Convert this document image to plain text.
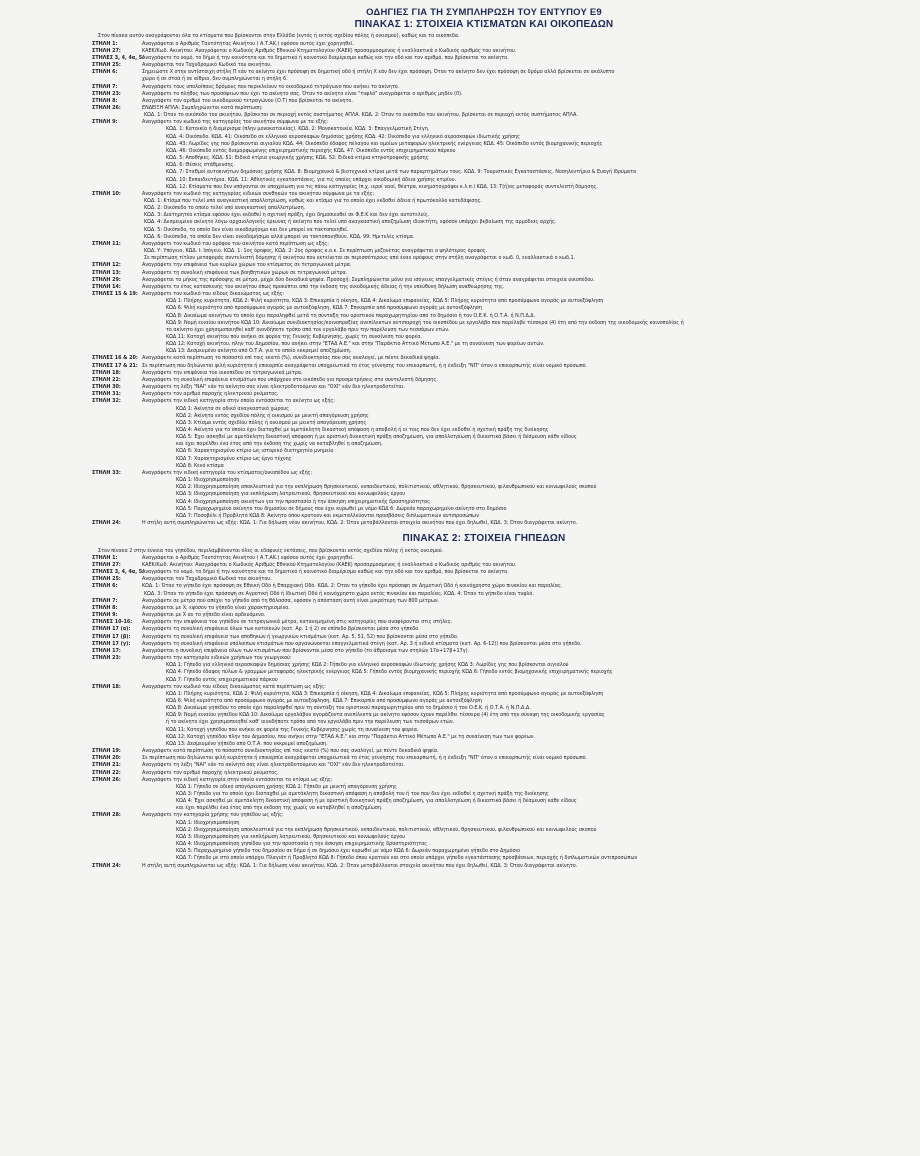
ΟΔΗΓΙΕΣ ΓΙΑ ΤΗ ΣΥΜΠΛΗΡΩΣΗ ΤΟΥ ΕΝΤΥΠΟΥ Ε9
ΠΙΝΑΚΑΣ 1: ΣΤΟΙΧΕΙΑ ΚΤΙΣΜΑΤΩΝ ΚΑΙ ΟΙΚΟΠΕΔΩΝ
Στον πίνακα αυτόν αναγράφονται όλα τα κτίσματα που βρίσκονται στην Ελλάδα (εντός ή εκτός σχεδίου πόλης ή οικισμού), καθώς και τα οικόπεδα.
ΣΤΗΛΗ 1:	Αναγράφεται ο Αριθμός Ταυτότητας Ακινήτου ( Α.Τ.ΑΚ.) εφόσον αυτός έχει χορηγηθεί.
ΣΤΗΛΗ 27:	ΚΑΕΚ/Κωδ. Ακινήτου: Αναγράφεται ο Κωδικός Αριθμός Εθνικού Κτηματολογίου (ΚΑΕΚ) προσαρμοσμένος ή εναλλακτικά ο Κωδικός αριθμός του ακινήτου.
ΣΤΗΛΕΣ 3, 4, 4α, 5:Αναγράφετε το νομό, το δήμο ή την κοινότητα και το δημοτικό ή κοινοτικό διαμέρισμα καθώς και την οδό και τον αριθμό, που βρίσκεται το ακίνητο.
ΣΤΗΛΗ 25:	Αναγράφεται τον Ταχυδρομικό Κωδικό του ακινήτου.
ΣΤΗΛΗ 6:	Σημειώστε Χ στην αντίστοιχη στήλη Π εάν το ακίνητο έχει πρόσοψη σε δημοτική οδό ή στήλη Χ εάν δεν έχει πρόσοψη. Όταν το ακίνητο δεν έχει πρόσοψη σε δρόμο αλλά βρίσκεται σε ακάλυπτο
χώρο ή σε στοά ή σε αίθριο, δεν συμπληρώνεται η στήλη 6.
ΣΤΗΛΗ 7:	Αναγράφετε τους υπολοίπους δρόμους που περικλείουν το οικοδομικό τετράγωνο που ανήκει το ακίνητο.
ΣΤΗΛΗ 23:	Αναγράφετε το πλήθος των προσόψεων που έχει το ακίνητο σας. Όταν το ακίνητο είναι "τυφλό" αναγράφεται ο αριθμός μηδέν (0).
ΣΤΗΛΗ 8:	Αναγράφετε τον αριθμό του οικοδομικού τετραγώνου (Ο.Τ) που βρίσκεται το ακίνητο.
ΣΤΗΛΗ 26:	ΕΝΔΕΙΞΗ ΑΠΛΑ: Συμπληρώνεται κατά περίπτωση:
ΚΩΔ. 1: Όταν το οικόπεδο του ακινήτου, βρίσκεται σε περιοχή εκτός συστήματος ΑΠΛΑ. ΚΩΔ. 2: Όταν το οικόπεδο του ακινήτου, βρίσκεται σε περιοχή εκτός συστήματος ΑΠΛΑ.
ΣΤΗΛΗ 9:	Αναγράφετε τον κωδικό της κατηγορίας του ακινήτου σύμφωνα με τα εξής:
ΚΩΔ. 1: Κατοικία ή διαμέρισμα (πλην μονοκατοικίας). ΚΩΔ. 2: Μονοκατοικία. ΚΩΔ. 3: Επαγγελματική Στέγη.
ΚΩΔ. 4: Οικόπεδο. ΚΩΔ. 41: Οικόπεδο σε ελληνικό αεροσκαφών δημόσιας χρήσης ΚΩΔ. 42: Οικόπεδο για ελληνικό αεροσκαφών ιδιωτικής χρήσης
ΚΩΔ. 43: Λωρίδες γης που βρίσκονται αιγιαλού ΚΩΔ. 44: Οικόπεδο έδαφος πέλαγου και ομοίων μεταφορών ηλεκτρικής ενέργειας ΚΩΔ. 45: Οικόπεδο εντός βιομηχανικής περιοχής
ΚΩΔ. 46: Οικόπεδο εντός διαμορφωμένης επιχειρηματικής περιοχής ΚΩΔ. 47: Οικόπεδο εντός επιχειρηματικού πάρκου
ΚΩΔ. 5: Αποθήκες. ΚΩΔ. 51: Ειδικά κτίρια γεωργικής χρήσης ΚΩΔ. 52: Ειδικά κτίρια κτηνοτροφικής χρήσης
ΚΩΔ. 6: Θέσεις στάθμευσης.
ΚΩΔ. 7: Σταθμοί αυτοκινήτων δημόσιας χρήσης ΚΩΔ. 8: Βιομηχανικά & βιοτεχνικά κτίρια μετά των παραρτημάτων τους. ΚΩΔ. 9: Τουριστικές Εγκαταστάσεις, Νοσηλευτήρια & Ευαγή Ιδρύματα
ΚΩΔ. 10: Εκπαιδευτήρια. ΚΩΔ. 11: Αθλητικές εγκαταστάσεις, για τις οποίες υπάρχει οικοδομική άδεια χρήσης κτιρίου.
ΚΩΔ. 12: Κτίσματα που δεν υπάγονται σε υποχρέωση για τις πάνω κατηγορίες (π.χ. ιεροί ναοί, θέατρα, κινηματογράφοι κ.λ.π.) ΚΩΔ. 13: Τ(ή)ος μεταφοράς συντελεστή δόμησης.
ΣΤΗΛΗ 10:	Αναγράφετε τον κωδικό της κατηγορίας ειδικών συνθηκών του ακινήτου σύμφωνα με τα εξής:
ΚΩΔ. 1: Κτίσμα που τελεί υπό αναγκαστική απαλλοτρίωση, καθώς και κτίσμα για το οποίο έχει εκδοθεί άδεια ή πρωτόκολλο κατεδάφισης.
ΚΩΔ. 2: Οικόπεδο το οποίο τελεί υπό αναγκαστική απαλλοτρίωση.
ΚΩΔ. 3: Διατηρητέο κτίσμα εφόσον έχει εκδοθεί η σχετική πράξη, έχει δημοσιευθεί σε Φ.Ε.Κ και δεν έχει αυτοτελείς.
ΚΩΔ. 4: Δεσμευμένο ακίνητο λόγω αρχαιολογικής έρευνας ή ακίνητο που τελεί υπό αναγκαστική αποζημίωση ιδιοκτήτη, εφόσον υπάρχει βεβαίωση της αρμόδιας αρχής.
ΚΩΔ. 5: Οικόπεδο, το οποίο δεν είναι οικοδομήσιμο και δεν μπορεί να τακτοποιηθεί.
ΚΩΔ. 6: Οικόπεδα, τα οποία δεν είναι οικοδομήσιμα αλλά μπορεί να τακτοποιηθούν. ΚΩΔ. 99: Ημιτελές κτίσμα.
ΣΤΗΛΗ 11:	Αναγράφετε τον κωδικό του ορόφου του ακινήτου κατά περίπτωση ως εξής:
ΚΩΔ. Υ: Υπόγειο, ΚΩΔ. Ι: Ισόγειο. ΚΩΔ. 1: 1ος όροφος, ΚΩΔ. 2: 2ος όροφος κ.ο.κ. Σε περίπτωση μεζονέτας αναγράφεται ο ψηλότερος όροφος.
Σε περίπτωση τίτλου μεταφοράς συντελεστή δόμησης ή ακινήτου που εκτείνεται σε περισσότερους από έναν ορόφους στην στήλη αναγράφεται ο κωδ. 0, εναλλακτικά ο κωδ.1.
ΣΤΗΛΗ 12:	Αναγράφετε την επιφάνεια των κυρίων χώρων του κτίσματος σε τετραγωνικά μέτρα.
ΣΤΗΛΗ 13:	Αναγράφετε τη συνολική επιφάνεια των βοηθητικών χώρων σε τετραγωνικά μέτρα.
ΣΤΗΛΗ 29:	Αναγράφεται το μήκος της πρόσοψης σε μέτρα, μέχρι δύο δεκαδικά ψηφία. Προσοχή: Συμπληρώνεται μόνο για ισόγειες επαγγελματικές στέγες ή όταν αναγράφεται στοιχεία οικοπέδου.
ΣΤΗΛΗ 14:	Αναγράφετε το έτος κατασκευής του ακινήτου όπως προκύπτει από την έκδοση της οικοδομικής άδειας ή την υπεύθυνη δήλωση αναθεώρησης της.
ΣΤΗΛΕΣ 15 & 19: Αναγράφετε τον κωδικό του είδους δικαιώματος ως εξής:
ΚΩΔ 1: Πλήρης κυριότητα, ΚΩΔ 2: Ψιλή κυριότητα, ΚΩΔ 3: Επικαρπία ή οίκηση, ΚΩΔ 4: Δικαίωμα επιφανείας, ΚΩΔ 5: Πλήρης κυριότητα από προσύμφωνο αγοράς με αυτοεξόφληση
ΚΩΔ 6: Ψιλή κυριότητα από προσύμφωνο αγοράς με αυτοεξόφληση, ΚΩΔ 7: Επικαρπία από προσύμφωνο αγοράς με αυτοεξόφληση
ΚΩΔ 8: Δικαίωμα ακινήτων το οποίο έχει παραληφθεί μετά τη σύνταξη του οριστικού παραχωρητηρίου από το δημόσιο ή τον Ο.Ε.Κ. ή Ο.Τ.Α. ή Ν.Π.Δ.Δ.
ΚΩΔ 9: Νομή ενιαίου ακινήτου ΚΩΔ 10: Δικαίωμα συνιδιοκτησίας/κοινοπραξίας ανεπίλεκτων αντιπαροχή του οικοπέδου με εργολάβο που παρέλαβε τέσσερα (4) έτη από την έκδοση της οικοδομικής κοινοπολίας ή
το ακίνητο έχει χρησιμοποιηθεί καθ' οιονδήποτε τρόπο από τον εργολάβο πριν την παρέλευση των τεσσάρων ετών.
ΚΩΔ 11: Κατοχή ακινήτου που ανήκει σε φορέα της Γενικής Κυβέρνησης, χωρίς τη συναίνεση του φορέα.
ΚΩΔ 12: Κατοχή ακινήτου, πλην του Δημοσίου, που ανήκει στην "ΕΤΑΔ Α.Ε." και στην "Παράκτιο Αττικό Μέτωπο Α.Ε." με τη συναίνεση των φορέων αυτών.
ΚΩΔ 13: Δεσμευμένο ακίνητο από Ο.Τ.Α. για το οποίο εκκρεμεί αποζημίωση.
ΣΤΗΛΕΣ 16 & 20: Αναγράφετε κατά περίπτωση το ποσοστό επί τοις εκατό (%), συνιδιοκτησίας που σας αναλογεί, με πέντε δεκαδικά ψηφία.
ΣΤΗΛΕΣ 17 & 21: Σε περίπτωση που δηλώνεται ψιλή κυριότητα ή επικαρπία αναγράφεται υποχρεωτικά το έτος γέννησης του επικαρπωτή, ή η ένδειξη "ΝΠ" όταν ο επικαρπωτής είναι νομικό πρόσωπο.
ΣΤΗΛΗ 18:	Αναγράφετε την επιφάνεια του οικοπέδου σε τετραγωνικά μέτρα.
ΣΤΗΛΗ 22:	Αναγράφετε τη συνολική επιφάνεια κτισμάτων που υπάρχουν στο οικόπεδο για προσμετρήσεις στο συντελεστή δόμησης.
ΣΤΗΛΗ 30:	Αναγράφετε τη λέξη "ΝΑΙ" εάν το ακίνητο σας είναι ηλεκτροδοτούμενο και "ΟΧΙ" εάν δεν ηλεκτροδοτείται.
ΣΤΗΛΗ 31:	Αναγράφετε τον αριθμό παροχής ηλεκτρικού ρεύματος.
ΣΤΗΛΗ 32:	Αναγράφετε την ειδική κατηγορία στην οποία εντάσσεται το ακίνητο ως εξής:
ΚΩΔ 1: Ακίνητα σε οδικό αναγκαστικό χώρους
ΚΩΔ 2: Ακίνητο εντός σχεδίου πόλης ή οικισμού με μεικτή απαγόρευση χρήσης
ΚΩΔ 3: Κτίσμα εντός σχεδίου πόλης ή οικισμού με μεικτή απαγόρευση χρήσης
ΚΩΔ 4: Ακίνητο για το οποίο έχει διαταχθεί με αμετάκλητη δικαστική απόφαση η αποβολή ή οι τοις που δεν έχει εκδοθεί η σχετική πράξη της διοίκησης
ΚΩΔ 5: Έχει ασκηθεί με αμετάκλητη δικαστική απόφαση ή με οριστική διοικητική πράξη αποζημίωση, για απαλλοτρίωση ή δικαστικά βάσει ή δέσμευση κάθε είδους
και έχει παρέλθει ένα έτος από την έκδοση της χωρίς να καταβληθεί η αποζημίωση.
ΚΩΔ 6: Χαρακτηρισμένο κτίριο ως ιστορικό διατηρητέο μνημείο
ΚΩΔ 7: Χαρακτηρισμένο κτίριο ως έργο τέχνης
ΚΩΔ 8: Κενό κτίσμα
ΣΤΗΛΗ 33:	Αναγράφετε την ειδική κατηγορία του κτίσματος/οικοπέδου ως εξής:
ΚΩΔ 1: Ιδιοχρησιμοποίηση
ΚΩΔ 2: Ιδιοχρησιμοποίηση αποκλειστικά για την εκπλήρωση θρησκευτικού, εκπαιδευτικού, πολιτιστικού, αθλητικού, θρησκευτικού, φιλανθρωπικού και κοινωφελούς σκοπού
ΚΩΔ 3: Ιδιοχρησιμοποίηση για εκπλήρωση λατρευτικού, θρησκευτικού και κοινωφελούς έργου
ΚΩΔ 4: Ιδιοχρησιμοποίηση ακινήτων για την προστασία ή την άσκηση επιχειρηματικής δραστηριότητας
ΚΩΔ 5: Παραχωρημένο ακίνητο του δημοσίου σε δήμους που έχει κυρωθεί με νόμο ΚΩΔ 6: Δωρεάν παραχωρημένο ακίνητο στο δημόσιο
ΚΩΔ 7: Ποσοβέλι ή Προβλητό ΚΩΔ 8: Ακίνητο όπου κρατούν και εκμεταλλεύονται προσβάσεις διπλωματικών αντιπροσώπων
ΣΤΗΛΗ 24:	Η στήλη αυτή συμπληρώνεται ως εξής: ΚΩΔ. 1: Για δήλωση νέου ακινήτου, ΚΩΔ. 2: Όταν μεταβάλλονται στοιχεία ακινήτου που έχει δηλωθεί, ΚΩΔ. 3: Όταν διαγράφεται ακίνητο.
ΠΙΝΑΚΑΣ 2: ΣΤΟΙΧΕΙΑ ΓΗΠΕΔΩΝ
Στον πίνακα 2 στην έννοια του γηπέδου, περιλαμβάνονται όλες οι εδαφικές εκτάσεις, που βρίσκονται εκτός σχεδίου πόλης ή εκτός οικισμού.
ΣΤΗΛΗ 1:	Αναγράφεται ο Αριθμός Ταυτότητας Ακινήτου ( Α.Τ.ΑΚ.) εφόσον αυτός έχει χορηγηθεί.
ΣΤΗΛΗ 27:	ΚΑΕΚ/Κωδ. Ακινήτου: Αναγράφεται ο Κωδικός Αριθμός Εθνικού Κτηματολογίου (ΚΑΕΚ) προσαρμοσμένος ή εναλλακτικά ο Κωδικός αριθμός του ακινήτου.
ΣΤΗΛΕΣ 3, 4, 4α, 5:Αναγράφετε το νομό, το δήμο ή την κοινότητα και το δημοτικό ή κοινοτικό διαμέρισμα καθώς και την οδό και τον αριθμό, που βρίσκεται το ακίνητο.
ΣΤΗΛΗ 25:	Αναγράφεται τον Ταχυδρομικό Κωδικό του ακινήτου.
ΣΤΗΛΗ 6:	ΚΩΔ. 1: Όταν το γήπεδο έχει πρόσοψη σε Εθνική Οδό ή Επαρχιακή Οδό. ΚΩΔ. 2: Όταν το γήπεδο έχει πρόσοψη σε Δημοτική Οδό ή κοινόχρηστο χώρο πινακίου και παραλίας.
ΚΩΔ. 3: Όταν το γήπεδο έχει πρόσοψη σε Αγροτική Οδό ή Ιδιωτική Οδό ή κοινόχρηστο χώρο εκτός πινακίου και παραλίας. ΚΩΔ. 4: Όταν το γήπεδο είναι τυφλό.
ΣΤΗΛΗ 7:	Αναγράφετε σε μέτρα πού απέχει το γήπεδο από τη θάλασσα, εφόσον η απόσταση αυτή είναι μικρότερη των 800 μέτρων.
ΣΤΗΛΗ 8:	Αναγράφεται με Χ, εφόσον το γήπεδο είναι χαρακτηρισμένο.
ΣΤΗΛΗ 9:	Αναγράφεται με Χ αν το γήπεδο είναι αρδευόμενο.
ΣΤΗΛΕΣ 10-16: Αναγράφετε την επιφάνεια του γηπέδου σε τετραγωνικά μέτρα, κατανεμημένη στις κατηγορίες που αναφέρονται στις στήλες.
ΣΤΗΛΗ 17 (α): Αναγράφετε τη συνολική επιφάνεια όλων των κατοικιών (κατ. Αρ. 1 ή 2) σε επίπεδο βρίσκονται μέσα στο γήπεδο.
ΣΤΗΛΗ 17 (β): Αναγράφετε τη συνολική επιφάνεια των αποθηκών ή γεωργικών κτισμάτων (κατ. Αρ. 5, 51, 52) που βρίσκονται μέσα στο γήπεδο.
ΣΤΗΛΗ 17 (γ): Αναγράφετε τη συνολική επιφάνεια υπόλοιπων κτισμάτων που οργανώνονται επαγγελματικά στέγη (κατ. Αρ. 3 ή ειδικά κτίσματα (κατ. Αρ. 6-12)) που βρίσκονται μέσα στο γήπεδο.
ΣΤΗΛΗ 17:	Αναγράφεται η συνολική επιφάνεια όλων των κτισμάτων που βρίσκονται μέσα στο γήπεδο (το άθροισμα των στηλών 17α+17β+17γ).
ΣΤΗΛΗ 23:	Αναγράφετε την κατηγορία ειδικών χρήσεων του γεωργικού:
ΚΩΔ 1: Γήπεδο για ελληνικό αεροσκαφών δημόσιας χρήσης ΚΩΔ 2: Γήπεδο για ελληνικό αεροσκαφών ιδιωτικής χρήσης ΚΩΔ 3: Λωρίδες γης που βρίσκονται αιγιαλού
ΚΩΔ 4: Γήπεδο έδαφος πύλων & γραμμών μεταφοράς ηλεκτρικής ενέργειας ΚΩΔ 5: Γήπεδο εντός βιομηχανικής περιοχής ΚΩΔ 6: Γήπεδο εντός βιομηχανικής επιχειρηματικής περιοχής
ΚΩΔ 7: Γήπεδο εντός επιχειρηματικού πάρκου
ΣΤΗΛΗ 18:	Αναγράφετε τον κωδικό του είδους δικαιώματος κατά περίπτωση ως εξής:
ΚΩΔ 1: Πλήρης κυριότητα, ΚΩΔ 2: Ψιλή κυριότητα, ΚΩΔ 3: Επικαρπία ή οίκηση, ΚΩΔ 4: Δικαίωμα επιφανείας, ΚΩΔ 5: Πλήρης κυριότητα από προσύμφωνο αγοράς με αυτοεξόφληση
ΚΩΔ 6: Ψιλή κυριότητα από προσύμφωνο αγοράς με αυτοεξόφληση, ΚΩΔ 7: Επικαρπία από προσύμφωνο αγοράς με αυτοεξόφληση
ΚΩΔ 8: Δικαίωμα γηπέδου το οποίο έχει παραληφθεί πριν τη σύνταξη του οριστικού παραχωρητηρίου από το δημόσιο ή τον Ο.Ε.Κ. ή Ο.Τ.Α. ή Ν.Π.Δ.Δ.
ΚΩΔ 9: Νομή ενιαίου γηπέδου ΚΩΔ 10: Δικαίωμα εργολάβου αγοράζοντα ανεπίλεκτα με ακίνητο εφόσον έχουν παρέλθει τέσσερα (4) έτη από την σύναψη της οικοδομικής εργασίας
ή το ακίνητο έχει χρησιμοποιηθεί καθ' οιονδήποτε τρόπο από τον εργολάβο πριν την παρέλευση των τεσσάρων ετών.
ΚΩΔ 11: Κατοχή γηπέδου που ανήκει σε φορέα της Γενικής Κυβέρνησης χωρίς τη συναίνεση του φορέα.
ΚΩΔ 12: Κατοχή γηπέδου πλην του Δημοσίου, που ανήκει στην "ΕΤΑΔ Α.Ε." και στην "Παράκτιο Αττικό Μέτωπο Α.Ε." με τη συναίνεση των των φορέων.
ΚΩΔ 13: Δεσμευμένο γήπεδο από Ο.Τ.Α. που εκκρεμεί αποζημίωση.
ΣΤΗΛΗ 19:	Αναγράφετε κατά περίπτωση το ποσοστό συνιδιοκτησίας επί τοις εκατό (%) που σας αναλογεί, με πέντε δεκαδικά ψηφία.
ΣΤΗΛΗ 20:	Σε περίπτωση που δηλώνεται ψιλή κυριότητα ή επικαρπία αναγράφεται υποχρεωτικά το έτος γέννησης του επικαρπωτή, ή η ένδειξη "ΝΠ" όταν ο επικαρπωτής είναι νομικό πρόσωπο.
ΣΤΗΛΗ 21:	Αναγράφετε τη λέξη "ΝΑΙ" εάν το ακίνητό σας είναι ηλεκτροδοτούμενο και "ΟΧΙ" εάν δεν ηλεκτροδοτείται.
ΣΤΗΛΗ 22:	Αναγράφετε τον αριθμό παροχής ηλεκτρικού ρεύματος.
ΣΤΗΛΗ 26:	Αναγράφετε την ειδική κατηγορία στην οποία εντάσσεται το κτίσμα ως εξής:
ΚΩΔ 1: Γήπεδο σε οδικό απαγόρευση χρήσης ΚΩΔ 2: Γήπεδο με μεικτή απαγόρευση χρήσης
ΚΩΔ 3: Γήπεδο για το οποίο έχει διαταχθεί με αμετάκλητη δικαστική απόφαση η αποβολή του ή του που δεν έχει εκδοθεί η σχετική πράξη της διοίκησης
ΚΩΔ 4: Έχει ασκηθεί με αμετάκλητη δικαστική απόφαση ή με οριστική διοικητική πράξη αποζημίωση, για απαλλοτρίωση ή δικαστικά βάσει ή δέσμευση κάθε είδους
και έχει παρέλθει ένα έτος από την έκδοση της χωρίς να καταβληθεί η αποζημίωση.
ΣΤΗΛΗ 28:	Αναγράφετε την κατηγορία χρήσης του γηπέδου ως εξής:
ΚΩΔ 1: Ιδιοχρησιμοποίηση
ΚΩΔ 2: Ιδιοχρησιμοποίηση αποκλειστικά για την εκπλήρωση θρησκευτικού, εκπαιδευτικού, πολιτιστικού, αθλητικού, θρησκευτικού, φιλανθρωπικού και κοινωφελούς σκοπού
ΚΩΔ 3: Ιδιοχρησιμοποίηση για εκπλήρωση λατρευτικού, θρησκευτικού και κοινωφελούς έργου
ΚΩΔ 4: Ιδιοχρησιμοποίηση γηπέδου για την προστασία ή την άσκηση επιχειρηματικής δραστηριότητας
ΚΩΔ 5: Παραχωρημένο γήπεδο του δημοσίου σε δήμο ή σε δημόσιο έχει κυρωθεί με νόμο ΚΩΔ 6: Δωρεάν παραχωρημένο γήπεδο στο Δημόσιο
ΚΩΔ 7: Γήπεδο με στο οποίο υπάρχει Πλαγιάτ ή Προβλητό ΚΩΔ 8: Γήπεδο όπου κρατούν και στο οποίο υπάρχει γήπεδο εγκατάστασης προσβάσεων, περιοχής ή διπλωματικών αντιπροσώπων
ΣΤΗΛΗ 24:	Η στήλη αυτή συμπληρώνεται ως εξής: ΚΩΔ. 1: Για δήλωση νέου ακινήτου, ΚΩΔ. 2: Όταν μεταβάλλονται στοιχεία ακινήτου που έχει δηλωθεί, ΚΩΔ. 3: Όταν διαγράφεται ακίνητο.
